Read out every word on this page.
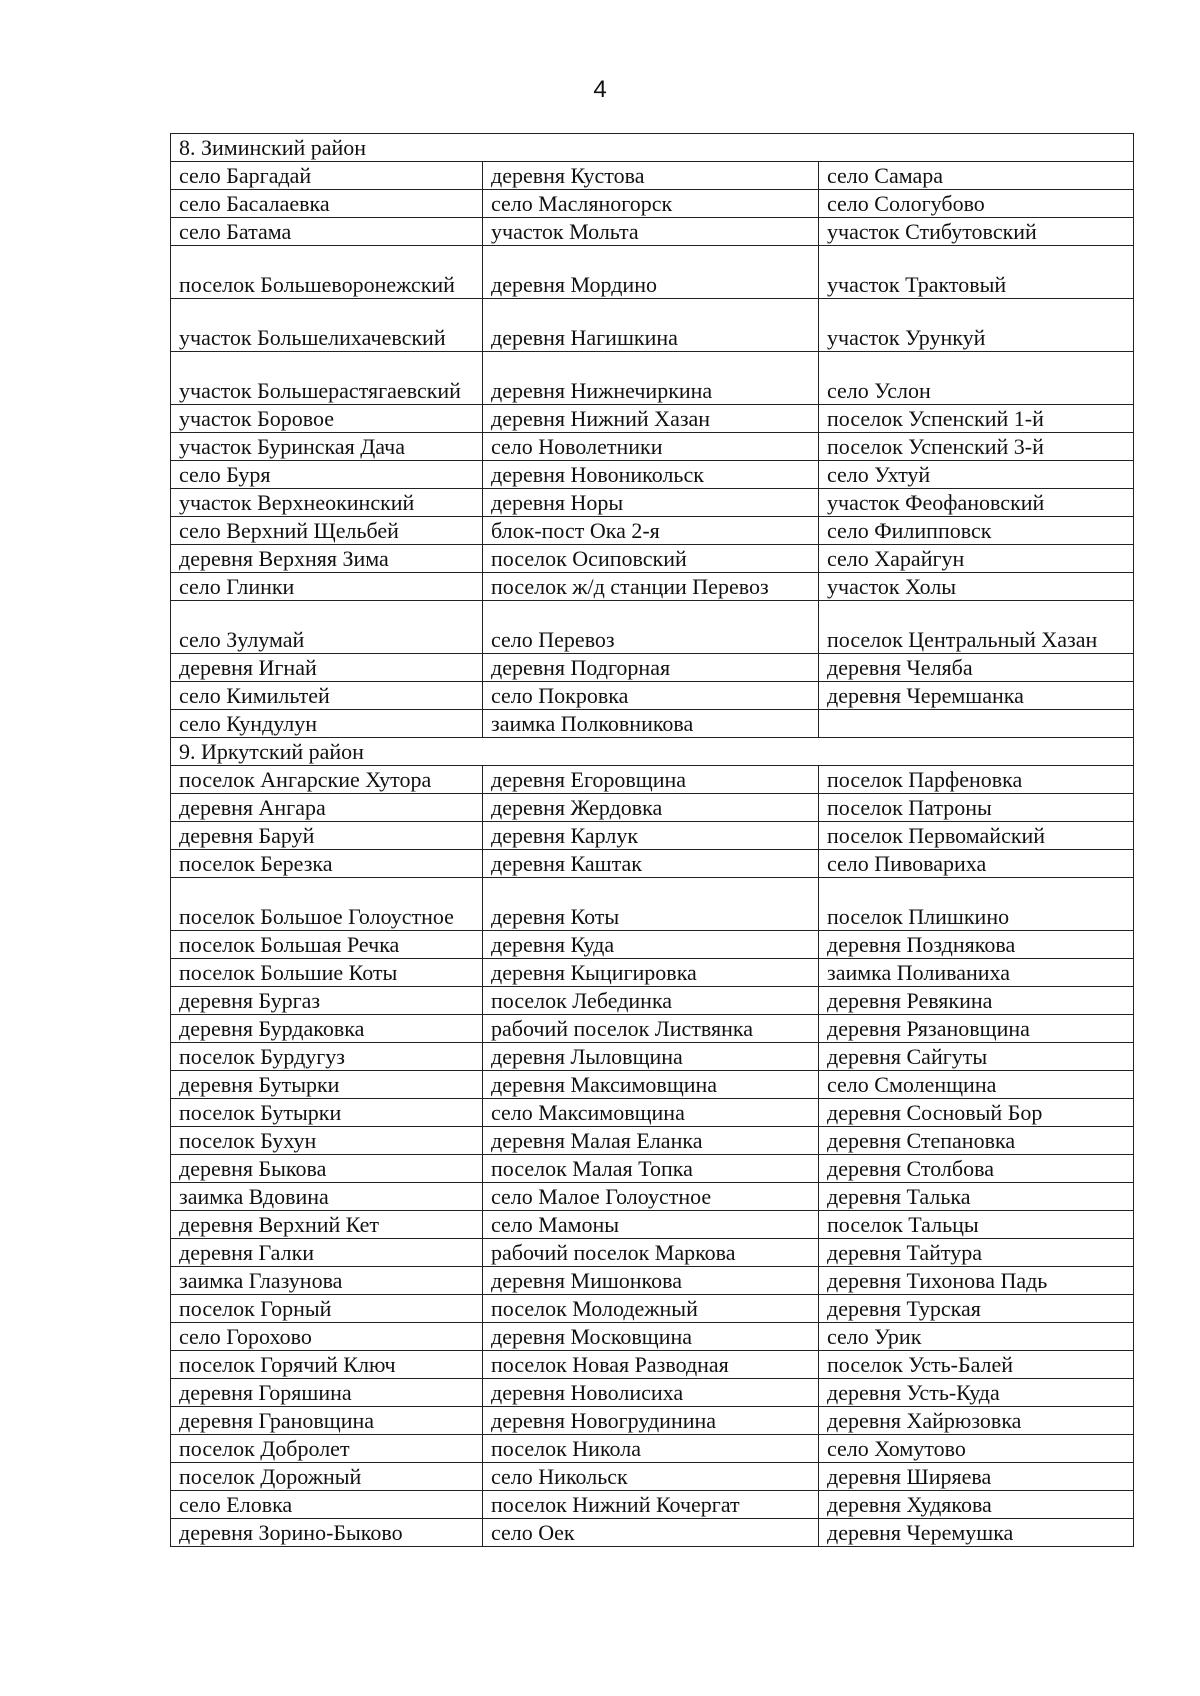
4
8. Зиминский район		
село Баргадай	деревня Кустова	село Самара
село Басалаевка	село Масляногорск	село Сологубово
село Батама	участок Мольта	участок Стибутовский
поселок Большеворонежский	деревня Мордино	участок Трактовый
участок Большелихачевский	деревня Нагишкина	участок Урункуй
участок Большерастягаевский	деревня Нижнечиркина	село Услон
участок Боровое	деревня Нижний Хазан	поселок Успенский 1-й
участок Буринская Дача	село Новолетники	поселок Успенский 3-й
село Буря	деревня Новоникольск	село Ухтуй
участок Верхнеокинский	деревня Норы	участок Феофановский
село Верхний Щельбей	блок-пост Ока 2-я	село Филипповск
деревня Верхняя Зима	поселок Осиповский	село Харайгун
село Глинки	поселок ж/д станции Перевоз	участок Холы
село Зулумай	село Перевоз	поселок Центральный Хазан
деревня Игнай	деревня Подгорная	деревня Челяба
село Кимильтей	село Покровка	деревня Черемшанка
село Кундулун	заимка Полковникова	
9. Иркутский район		
поселок Ангарские Хутора	деревня Егоровщина	поселок Парфеновка
деревня Ангара	деревня Жердовка	поселок Патроны
деревня Баруй	деревня Карлук	поселок Первомайский
поселок Березка	деревня Каштак	село Пивовариха
поселок Большое Голоустное	деревня Коты	поселок Плишкино
поселок Большая Речка	деревня Куда	деревня Позднякова
поселок Большие Коты	деревня Кыцигировка	заимка Поливаниха
деревня Бургаз	поселок Лебединка	деревня Ревякина
деревня Бурдаковка	рабочий поселок Листвянка	деревня Рязановщина
поселок Бурдугуз	деревня Лыловщина	деревня Сайгуты
деревня Бутырки	деревня Максимовщина	село Смоленщина
поселок Бутырки	село Максимовщина	деревня Сосновый Бор
поселок Бухун	деревня Малая Еланка	деревня Степановка
деревня Быкова	поселок Малая Топка	деревня Столбова
заимка Вдовина	село Малое Голоустное	деревня Талька
деревня Верхний Кет	село Мамоны	поселок Тальцы
деревня Галки	рабочий поселок Маркова	деревня Тайтура
заимка Глазунова	деревня Мишонкова	деревня Тихонова Падь
поселок Горный	поселок Молодежный	деревня Турская
село Горохово	деревня Московщина	село Урик
поселок Горячий Ключ	поселок Новая Разводная	поселок Усть-Балей
деревня Горяшина	деревня Новолисиха	деревня Усть-Куда
деревня Грановщина	деревня Новогрудинина	деревня Хайрюзовка
поселок Добролет	поселок Никола	село Хомутово
поселок Дорожный	село Никольск	деревня Ширяева
село Еловка	поселок Нижний Кочергат	деревня Худякова
деревня Зорино-Быково	село Оек	деревня Черемушка
